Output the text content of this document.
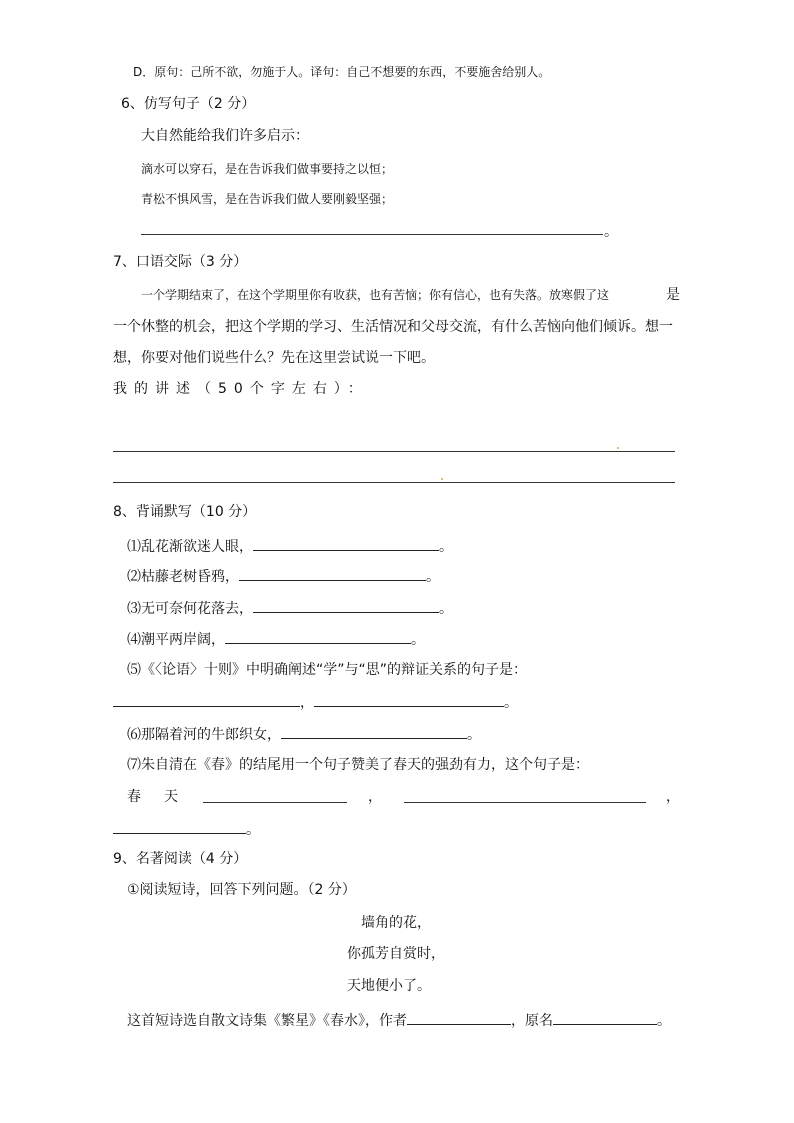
D．原句：己所不欲，勿施于人。译句：自己不想要的东西，不要施舍给别人。
6、仿写句子（2 分）
大自然能给我们许多启示：
滴水可以穿石，是在告诉我们做事要持之以恒；
青松不惧风雪，是在告诉我们做人要刚毅坚强；
。
7、口语交际（3 分）
一个学期结束了，在这个学期里你有收获，也有苦恼；你有信心，也有失落。放寒假了这	是
一个休整的机会，把这个学期的学习、生活情况和父母交流，有什么苦恼向他们倾诉。想一
想，你要对他们说些什么？先在这里尝试说一下吧。
我的讲述（50个字左右）：
8、背诵默写（10 分）
⑴乱花渐欲迷人眼，	。
⑵枯藤老树昏鸦，	。
⑶无可奈何花落去，	。
⑷潮平两岸阔，	。
⑸《〈论语〉十则》中明确阐述“学”与“思”的辩证关系的句子是：
，	。
⑹那隔着河的牛郎织女，	。
⑺朱自清在《春》的结尾用一个句子赞美了春天的强劲有力，这个句子是：
春 天	，	，
。
9、名著阅读（4 分）
①阅读短诗，回答下列问题。（2 分）
墙角的花，
你孤芳自赏时，
天地便小了。
这首短诗选自散文诗集《繁星》《春水》，作者	，原名	。
